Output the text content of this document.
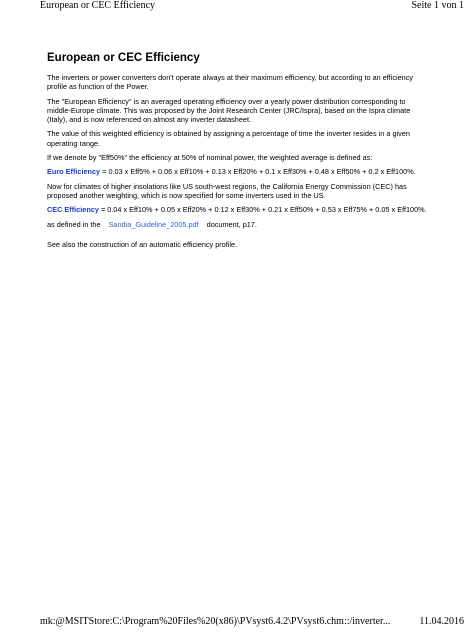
European or CEC Efficiency	Seite 1 von 1
European or CEC Efficiency

The inverters or power converters don't operate always at their maximum efficiency, but according to an efficiency profile as function of the Power.

The "European Efficiency" is an averaged operating efficiency over a yearly power distribution corresponding to middle-Europe climate. This was proposed by the Joint Research Center (JRC/Ispra), based on the Ispra climate (Italy), and is now referenced on almost any inverter datasheet.

The value of this weighted efficiency is obtained by assigning a percentage of time the inverter resides in a given operating range.

If we denote by "Eff50%" the efficiency at 50% of nominal power, the weighted average is defined as:

Euro Efficiency = 0.03 x Eff5% + 0.06 x Eff10% + 0.13 x Eff20% + 0.1 x Eff30% + 0.48 x Eff50% + 0.2 x Eff100%.

Now for climates of higher insolations like US south-west regions, the California Energy Commission (CEC) has proposed another weighting, which is now specified for some inverters used in the US.

CEC Efficiency = 0.04 x Eff10% + 0.05 x Eff20% + 0.12 x Eff30% + 0.21 x Eff50% + 0.53 x Eff75% + 0.05 x Eff100%.

as defined in the Sandia_Guideline_2005.pdf document, p17.

See also the construction of an automatic efficiency profile.

mk:@MSITStore:C:\Program%20Files%20(x86)\PVsyst6.4.2\PVsyst6.chm::/inverter...	11.04.2016
